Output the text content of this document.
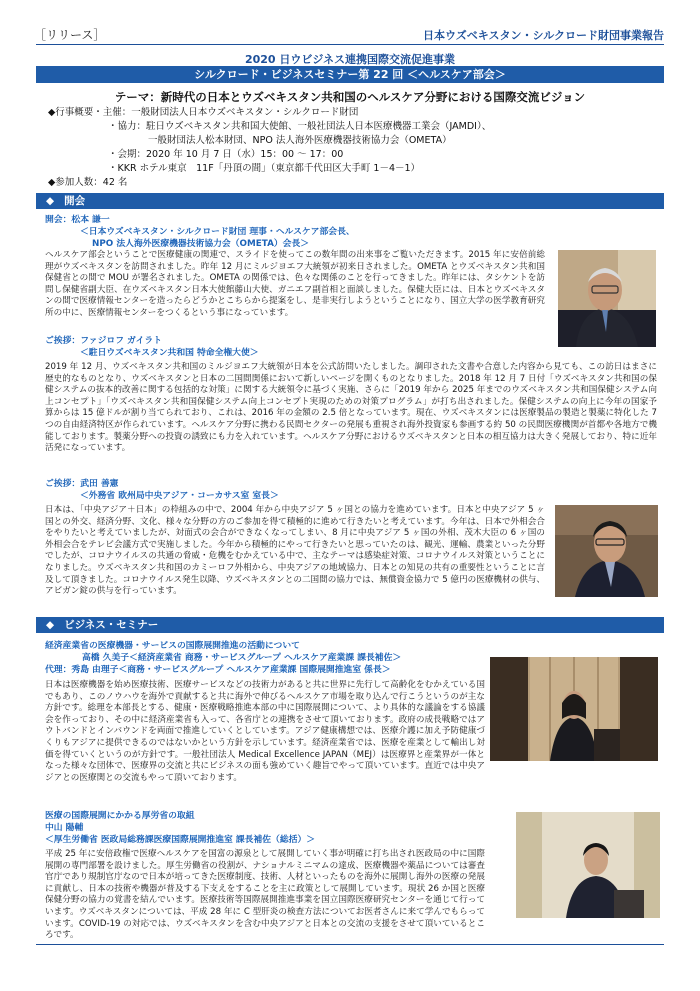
［リリース］	日本ウズベキスタン・シルクロード財団事業報告
2020 日ウビジネス連携国際交流促進事業
シルクロード・ビジネスセミナー第 22 回 ＜ヘルスケア部会＞
テーマ：新時代の日本とウズベキスタン共和国のヘルスケア分野における国際交流ビジョン
◆行事概要・主催：一般財団法人日本ウズベキスタン・シルクロード財団
・協力：駐日ウズベキスタン共和国大使館、一般社団法人日本医療機器工業会（JAMDI）、
一般財団法人松本財団、NPO 法人海外医療機器技術協力会（OMETA）
・会期：2020 年 10 月 7 日（水）15：00 ～ 17：00
・KKR ホテル東京　11F「丹頂の間」（東京都千代田区大手町 1－4－1）
◆参加人数：42 名
◆ 開会
開会：松本 謙一
＜日本ウズベキスタン・シルクロード財団 理事・ヘルスケア部会長、
NPO 法人海外医療機器技術協力会（OMETA）会長＞
ヘルスケア部会ということで医療健康の関連で、スライドを使ってこの数年間の出来事をご覧いただきます。2015 年に安倍前総理がウズベキスタンを訪問されました。昨年 12 月にミルジヨエフ大統領が初来日されました。OMETA とウズベキスタン共和国保健省との間で MOU が署名されました。OMETA の関係では、色々な関係のことを行ってきました。昨年には、タシケントを訪問し保健省副大臣、在ウズベキスタン日本大使館藤山大使、ガニエフ副首相と面談しました。保健大臣には、日本とウズベキスタンの間で医療情報センターを造ったらどうかとこちらから提案をし、是非実行しようということになり、国立大学の医学教育研究所の中に、医療情報センターをつくるという事になっています。
ご挨拶：ファジロフ ガイラト
＜駐日ウズベキスタン共和国 特命全権大使＞
2019 年 12 月、ウズベキスタン共和国のミルジヨエフ大統領が日本を公式訪問いたしました。調印された文書や合意した内容から見ても、この訪日はまさに歴史的なものとなり、ウズベキスタンと日本の二国間関係において新しいページを開くものとなりました。2018 年 12 月 7 日付「ウズベキスタン共和国の保健システムの抜本的改善に関する包括的な対策」に関する大統領令に基づく実施、さらに「2019 年から 2025 年までのウズベキスタン共和国保健システム向上コンセプト」「ウズベキスタン共和国保健システム向上コンセプト実現のための対策プログラム」が打ち出されました。保健システムの向上に今年の国家予算からは 15 億ドルが割り当てられており、これは、2016 年の金額の 2.5 倍となっています。現在、ウズベキスタンには医療製品の製造と製薬に特化した 7 つの自由経済特区が作られています。ヘルスケア分野に携わる民間セクターの発展も重視され海外投資家も参画する約 50 の民間医療機関が首都や各地方で機能しております。製薬分野への投資の誘致にも力を入れています。ヘルスケア分野におけるウズベキスタンと日本の相互協力は大きく発展しており、特に近年活発になっています。
ご挨拶：武田 善憲
＜外務省 欧州局中央アジア・コーカサス室 室長＞
日本は、「中央アジア＋日本」の枠組みの中で、2004 年から中央アジア 5 ヶ国との協力を進めています。日本と中央アジア 5 ヶ国との外交、経済分野、文化、様々な分野の方のご参加を得て積極的に進めて行きたいと考えています。今年は、日本で外相会合をやりたいと考えていましたが、対面式の会合ができなくなってしまい、8 月に中央アジア 5 ヶ国の外相、茂木大臣の 6 ヶ国の外相会合をテレビ会議方式で実施しました。今年から積極的にやって行きたいと思っていたのは、観光、運輸、農業といった分野でしたが、コロナウイルスの共通の脅威・危機をむかえている中で、主なテーマは感染症対策、コロナウイルス対策ということになりました。ウズベキスタン共和国のカミーロフ外相から、中央アジアの地域協力、日本との知見の共有の重要性ということに言及して頂きました。コロナウイルス発生以降、ウズベキスタンとの二国間の協力では、無償資金協力で 5 億円の医療機材の供与、アビガン錠の供与を行っています。
◆ ビジネス・セミナー
経済産業省の医療機器・サービスの国際展開推進の活動について
高橋 久美子＜経済産業省 商務・サービスグループ ヘルスケア産業課 課長補佐＞
代理：秀島 由理子＜商務・サービスグループ ヘルスケア産業課 国際展開推進室 係長＞
日本は医療機器を始め医療技術、医療サービスなどの技術力があると共に世界に先行して高齢化をむかえている国でもあり、このノウハウを海外で貢献すると共に海外で伸びるヘルスケア市場を取り込んで行こうというのが主な方針です。総理を本部長とする、健康・医療戦略推進本部の中に国際展開について、より具体的な議論をする協議会を作っており、その中に経済産業省も入って、各省庁との連携をさせて頂いております。政府の成長戦略ではアウトバンドとインバウンドを両面で推進していくとしています。アジア健康構想では、医療介護に加え予防健康づくりもアジアに提供できるのではないかという方針を示しています。経済産業省では、医療を産業として輸出し対価を得ていくというのが方針です。一般社団法人 Medical Excellence JAPAN（MEJ）は医療界と産業界が一体となった様々な団体で、医療界の交流と共にビジネスの面も強めていく趣旨でやって頂いています。直近では中央アジアとの医療関との交流もやって頂いております。
医療の国際展開にかかる厚労省の取組
中山 陽輔
＜厚生労働省 医政局総務課医療国際展開推進室 課長補佐（総括）＞
平成 25 年に安倍政権で医療ヘルスケアを国富の源泉として展開していく事が明確に打ち出され医政局の中に国際展開の専門部署を設けました。厚生労働省の役割が、ナショナルミニマムの達成、医療機器や薬品については審査官庁であり規制官庁なので日本が培ってきた医療制度、技術、人材といったものを海外に展開し海外の医療の発展に貢献し、日本の技術や機器が普及する下支えをすることを主に政策として展開しています。現状 26 か国と医療保健分野の協力の覚書を結んでいます。医療技術等国際展開推進事業を国立国際医療研究センターを通じて行っています。ウズベキスタンについては、平成 28 年に C 型肝炎の検査方法についてお医者さんに来て学んでもらっています。COVID-19 の対応では、ウズベキスタンを含む中央アジアと日本との交流の支援をさせて頂いているところです。
